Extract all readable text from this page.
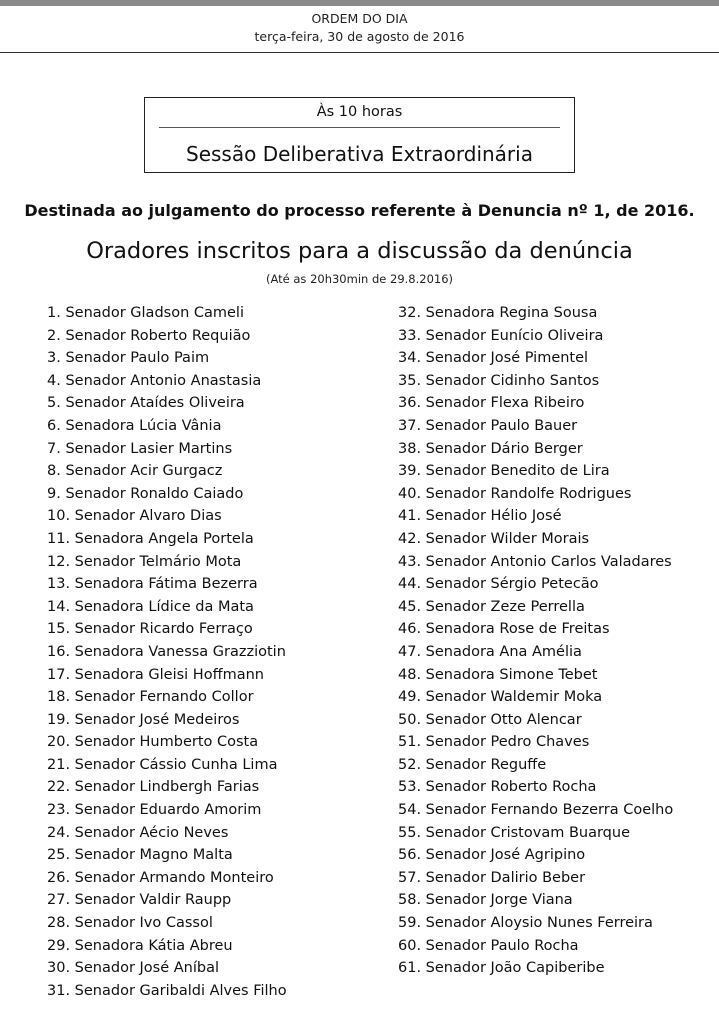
ORDEM DO DIA
terça-feira, 30 de agosto de 2016
Às 10 horas
Sessão Deliberativa Extraordinária
Destinada ao julgamento do processo referente à Denuncia nº 1, de 2016.
Oradores inscritos para a discussão da denúncia
(Até as 20h30min de 29.8.2016)
1. Senador Gladson Cameli
2. Senador Roberto Requião
3. Senador Paulo Paim
4. Senador Antonio Anastasia
5. Senador Ataídes Oliveira
6. Senadora Lúcia Vânia
7. Senador Lasier Martins
8. Senador Acir Gurgacz
9. Senador Ronaldo Caiado
10. Senador Alvaro Dias
11. Senadora Angela Portela
12. Senador Telmário Mota
13. Senadora Fátima Bezerra
14. Senadora Lídice da Mata
15. Senador Ricardo Ferraço
16. Senadora Vanessa Grazziotin
17. Senadora Gleisi Hoffmann
18. Senador Fernando Collor
19. Senador José Medeiros
20. Senador Humberto Costa
21. Senador Cássio Cunha Lima
22. Senador Lindbergh Farias
23. Senador Eduardo Amorim
24. Senador Aécio Neves
25. Senador Magno Malta
26. Senador Armando Monteiro
27. Senador Valdir Raupp
28. Senador Ivo Cassol
29. Senadora Kátia Abreu
30. Senador José Aníbal
31. Senador Garibaldi Alves Filho
32. Senadora Regina Sousa
33. Senador Eunício Oliveira
34. Senador José Pimentel
35. Senador Cidinho Santos
36. Senador Flexa Ribeiro
37. Senador Paulo Bauer
38. Senador Dário Berger
39. Senador Benedito de Lira
40. Senador Randolfe Rodrigues
41. Senador Hélio José
42. Senador Wilder Morais
43. Senador Antonio Carlos Valadares
44. Senador Sérgio Petecão
45. Senador Zeze Perrella
46. Senadora Rose de Freitas
47. Senadora Ana Amélia
48. Senadora Simone Tebet
49. Senador Waldemir Moka
50. Senador Otto Alencar
51. Senador Pedro Chaves
52. Senador Reguffe
53. Senador Roberto Rocha
54. Senador Fernando Bezerra Coelho
55. Senador Cristovam Buarque
56. Senador José Agripino
57. Senador Dalirio Beber
58. Senador Jorge Viana
59. Senador Aloysio Nunes Ferreira
60. Senador Paulo Rocha
61. Senador João Capiberibe
